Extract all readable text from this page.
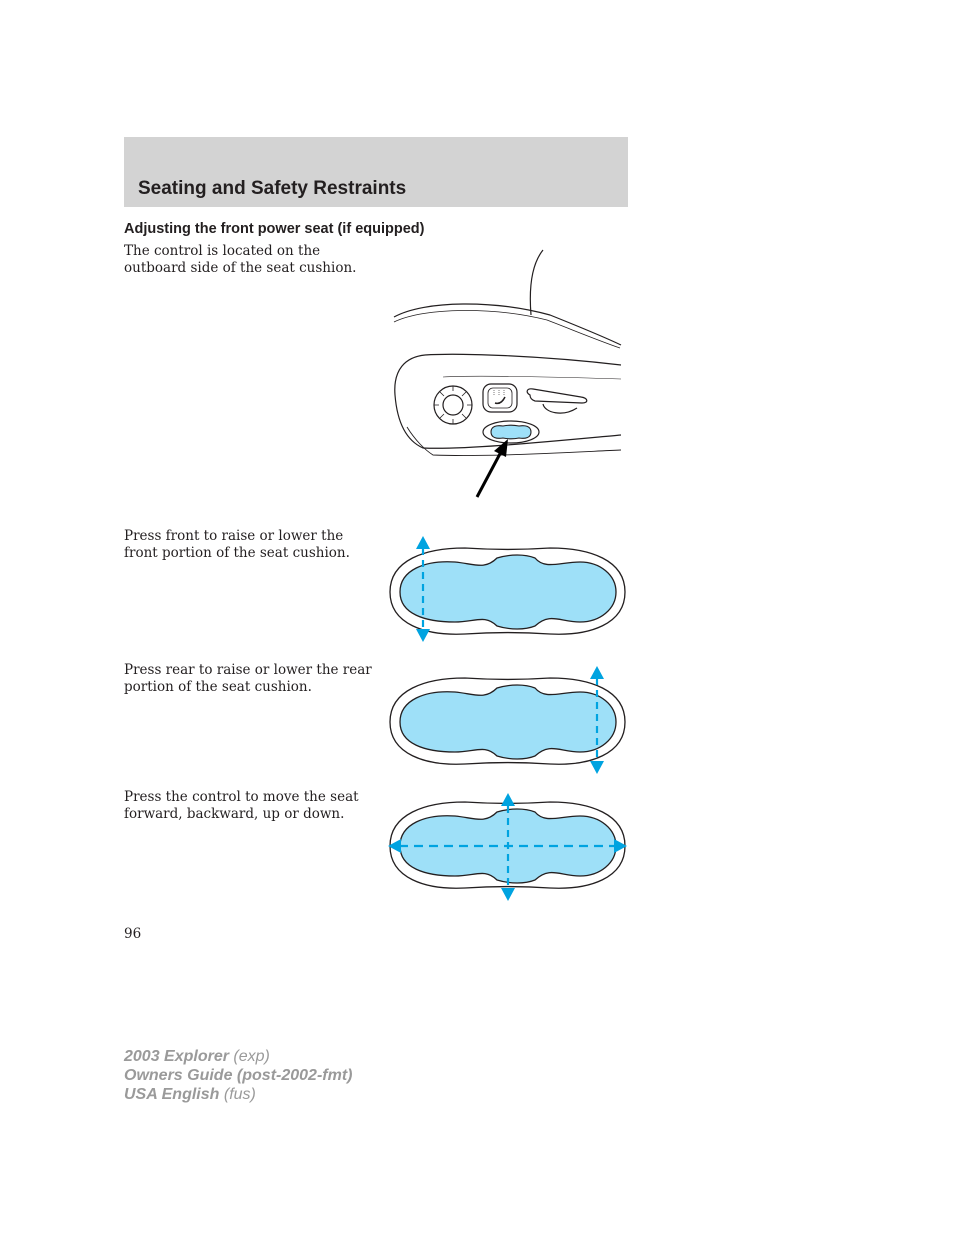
Seating and Safety Restraints
Adjusting the front power seat (if equipped)
The control is located on the
outboard side of the seat cushion.
Press front to raise or lower the
front portion of the seat cushion.
Press rear to raise or lower the rear
portion of the seat cushion.
Press the control to move the seat
forward, backward, up or down.

96

2003 Explorer (exp)
Owners Guide (post-2002-fmt)
USA English (fus)
